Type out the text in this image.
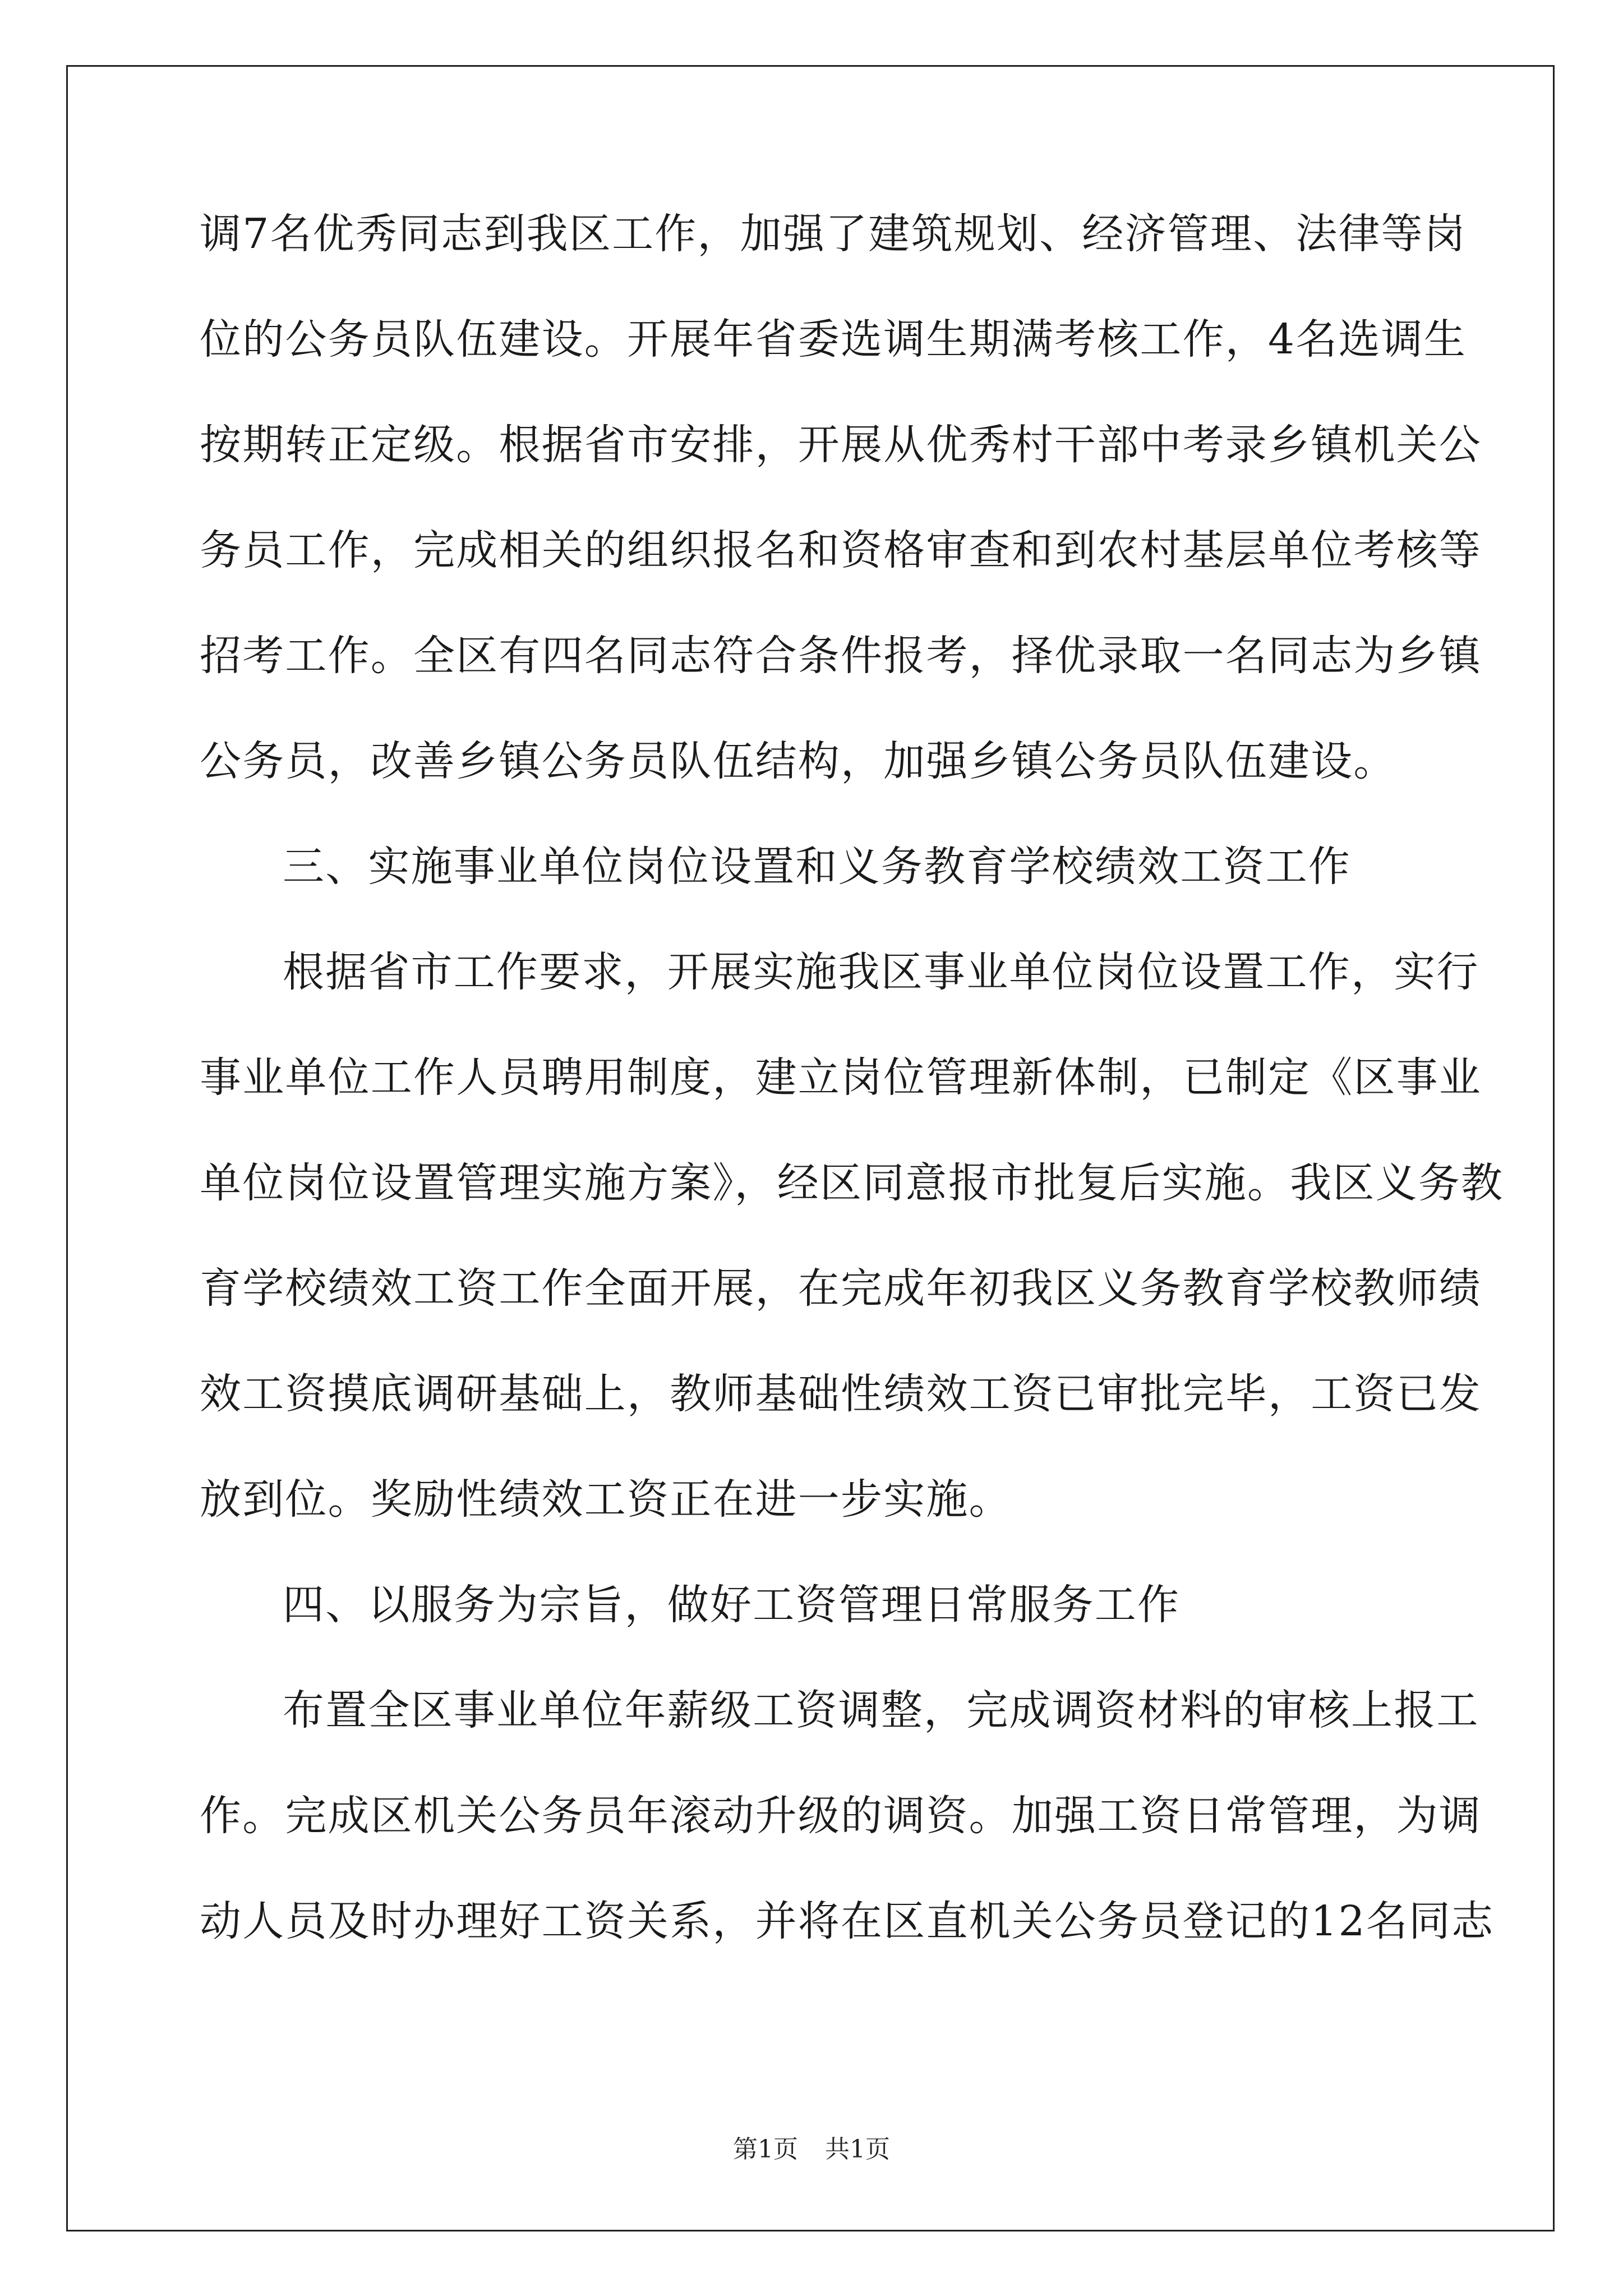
调7名优秀同志到我区工作，加强了建筑规划、经济管理、法律等岗
位的公务员队伍建设。开展年省委选调生期满考核工作，4名选调生
按期转正定级。根据省市安排，开展从优秀村干部中考录乡镇机关公
务员工作，完成相关的组织报名和资格审查和到农村基层单位考核等
招考工作。全区有四名同志符合条件报考，择优录取一名同志为乡镇
公务员，改善乡镇公务员队伍结构，加强乡镇公务员队伍建设。
三、实施事业单位岗位设置和义务教育学校绩效工资工作
根据省市工作要求，开展实施我区事业单位岗位设置工作，实行
事业单位工作人员聘用制度，建立岗位管理新体制，已制定《区事业
单位岗位设置管理实施方案》，经区同意报市批复后实施。我区义务教
育学校绩效工资工作全面开展，在完成年初我区义务教育学校教师绩
效工资摸底调研基础上，教师基础性绩效工资已审批完毕，工资已发
放到位。奖励性绩效工资正在进一步实施。
四、以服务为宗旨，做好工资管理日常服务工作
布置全区事业单位年薪级工资调整，完成调资材料的审核上报工
作。完成区机关公务员年滚动升级的调资。加强工资日常管理，为调
动人员及时办理好工资关系，并将在区直机关公务员登记的12名同志
第1页 共1页
